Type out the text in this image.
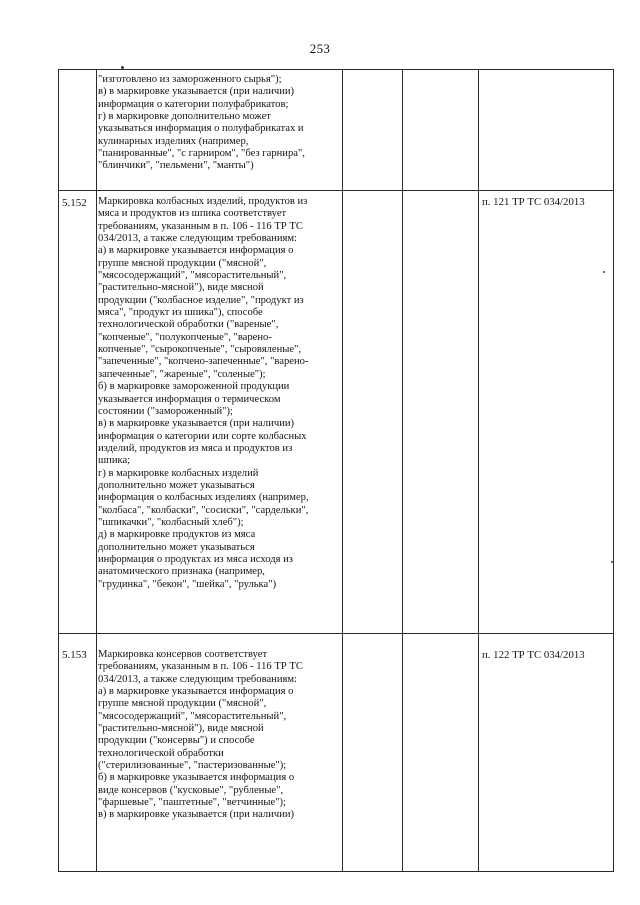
253

"изготовлено из замороженного сырья");
в) в маркировке указывается (при наличии)
информация о категории полуфабрикатов;
г) в маркировке дополнительно может
указываться информация о полуфабрикатах и
кулинарных изделиях (например,
"панированные", "с гарниром", "без гарнира",
"блинчики", "пельмени", "манты")

5.152 Маркировка колбасных изделий, продуктов из
мяса и продуктов из шпика соответствует
требованиям, указанным в п. 106 - 116 ТР ТС
034/2013, а также следующим требованиям:
а) в маркировке указывается информация о
группе мясной продукции ("мясной",
"мясосодержащий", "мясорастительный",
"растительно-мясной"), виде мясной
продукции ("колбасное изделие", "продукт из
мяса", "продукт из шпика"), способе
технологической обработки ("вареные",
"копченые", "полукопченые", "варено-
копченые", "сырокопченые", "сыровяленые",
"запеченные", "копчено-запеченные", "варено-
запеченные", "жареные", "соленые");
б) в маркировке замороженной продукции
указывается информация о термическом
состоянии ("замороженный");
в) в маркировке указывается (при наличии)
информация о категории или сорте колбасных
изделий, продуктов из мяса и продуктов из
шпика;
г) в маркировке колбасных изделий
дополнительно может указываться
информация о колбасных изделиях (например,
"колбаса", "колбаски", "сосиски", "сардельки",
"шпикачки", "колбасный хлеб");
д) в маркировке продуктов из мяса
дополнительно может указываться
информация о продуктах из мяса исходя из
анатомического признака (например,
"грудинка", "бекон", "шейка", "рулька")

п. 121 ТР ТС 034/2013

5.153 Маркировка консервов соответствует
требованиям, указанным в п. 106 - 116 ТР ТС
034/2013, а также следующим требованиям:
а) в маркировке указывается информация о
группе мясной продукции ("мясной",
"мясосодержащий", "мясорастительный",
"растительно-мясной"), виде мясной
продукции ("консервы") и способе
технологической обработки
("стерилизованные", "пастеризованные");
б) в маркировке указывается информация о
виде консервов ("кусковые", "рубленые",
"фаршевые", "паштетные", "ветчинные");
в) в маркировке указывается (при наличии)

п. 122 ТР ТС 034/2013
